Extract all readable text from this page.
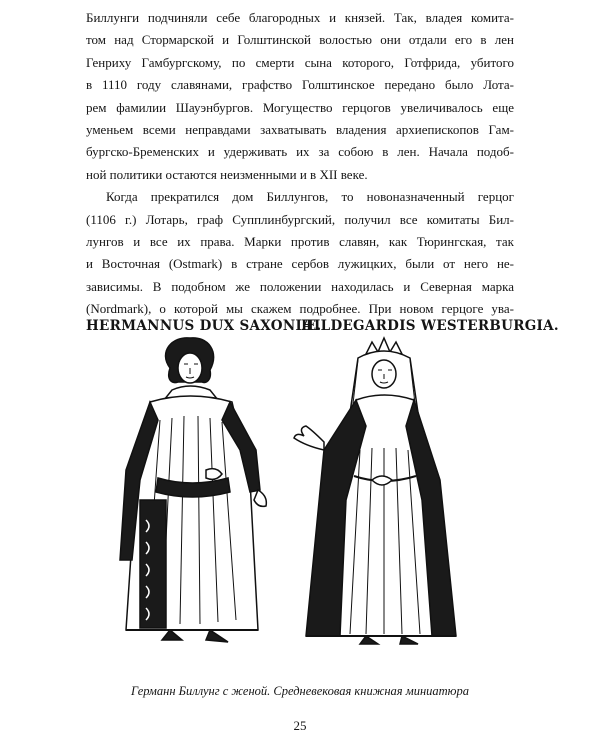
Биллунги подчиняли себе благородных и князей. Так, владея комита-
том над Стормарской и Голштинской волостью они отдали его в лен
Генриху Гамбургскому, по смерти сына которого, Готфрида, убитого
в 1110 году славянами, графство Голштинское передано было Лота-
рем фамилии Шауэнбургов. Могущество герцогов увеличивалось еще
уменьем всеми неправдами захватывать владения архиепископов Гам-
бургско-Бременских и удерживать их за собою в лен. Начала подоб-
ной политики остаются неизменными и в XII веке.
Когда прекратился дом Биллунгов, то новоназначенный герцог
(1106 г.) Лотарь, граф Супплинбургский, получил все комитаты Бил-
лунгов и все их права. Марки против славян, как Тюрингская, так
и Восточная (Ostmark) в стране сербов лужицких, были от него не-
зависимы. В подобном же положении находилась и Северная марка
(Nordmark), о которой мы скажем подробнее. При новом герцоге ува-
HERMANNUS DUX SAXONIÆ.
HILDEGARDIS WESTERBURGIA.
Германн Биллунг с женой. Средневековая книжная миниатюра
25
